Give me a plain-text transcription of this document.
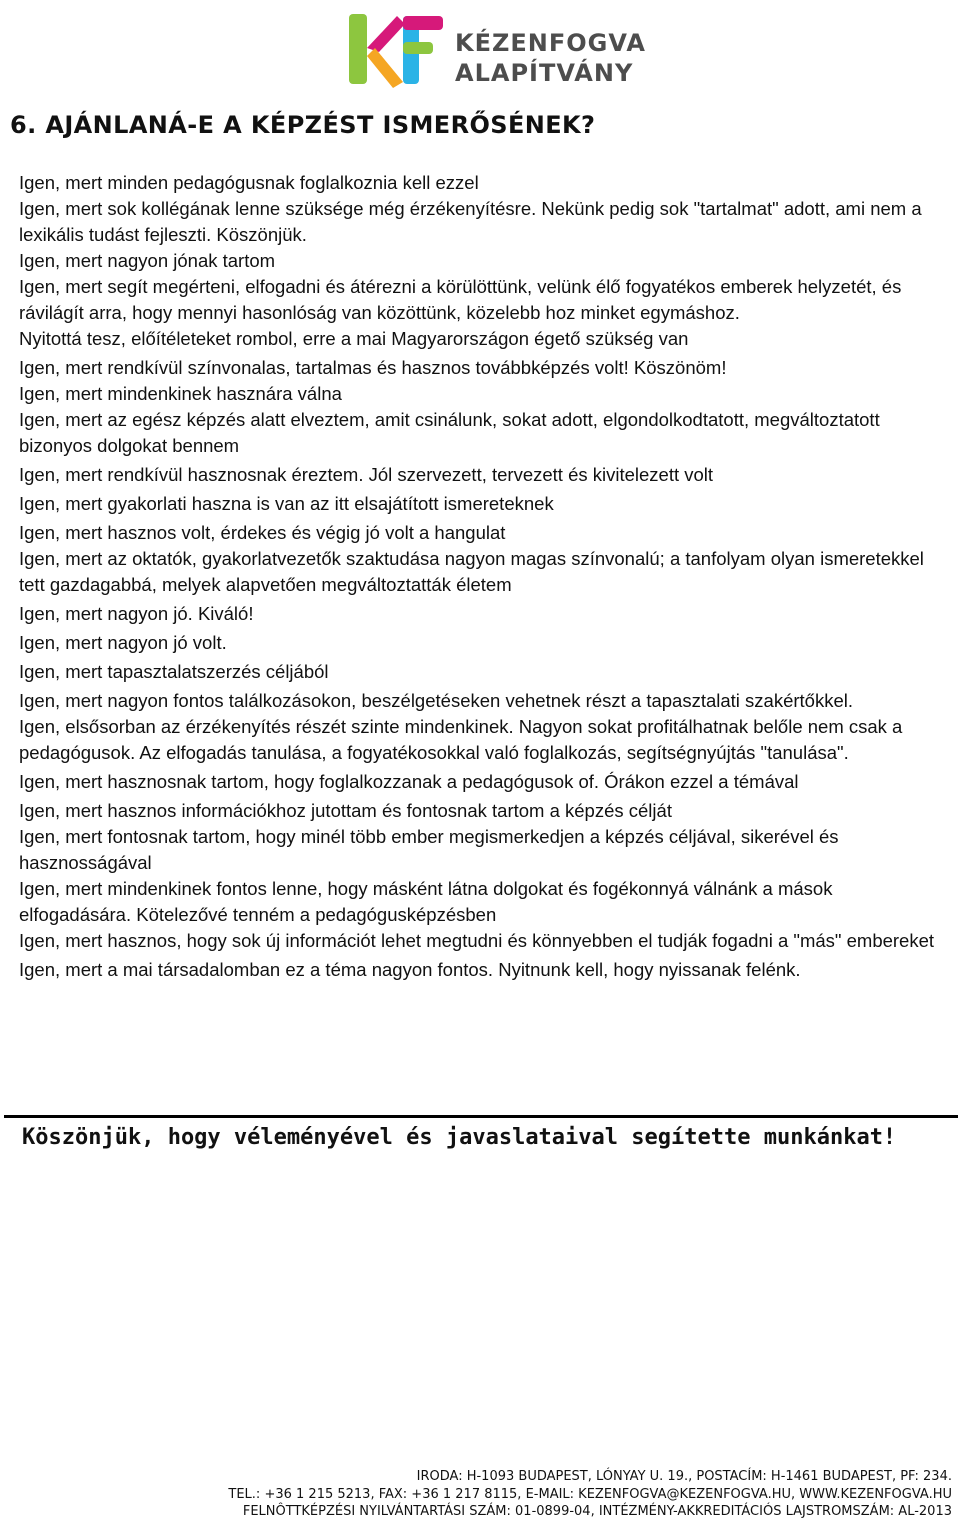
KÉZENFOGVA
ALAPÍTVÁNY
6. AJÁNLANÁ-E A KÉPZÉST ISMERŐSÉNEK?
Igen, mert minden pedagógusnak foglalkoznia kell ezzel
Igen, mert sok kollégának lenne szüksége még érzékenyítésre. Nekünk pedig sok "tartalmat" adott, ami nem a lexikális tudást fejleszti. Köszönjük.
Igen, mert nagyon jónak tartom
Igen, mert segít megérteni, elfogadni és átérezni a körülöttünk, velünk élő fogyatékos emberek helyzetét, és rávilágít arra, hogy mennyi hasonlóság van közöttünk, közelebb hoz minket egymáshoz.
Nyitottá tesz, előítéleteket rombol, erre a mai Magyarországon égető szükség van
Igen, mert rendkívül színvonalas, tartalmas és hasznos továbbképzés volt! Köszönöm!
Igen, mert mindenkinek hasznára válna
Igen, mert az egész képzés alatt elveztem, amit csinálunk, sokat adott, elgondolkodtatott, megváltoztatott bizonyos dolgokat bennem
Igen, mert rendkívül hasznosnak éreztem. Jól szervezett, tervezett és kivitelezett volt
Igen, mert gyakorlati haszna is van az itt elsajátított ismereteknek
Igen, mert hasznos volt, érdekes és végig jó volt a hangulat
Igen, mert az oktatók, gyakorlatvezetők szaktudása nagyon magas színvonalú; a tanfolyam olyan ismeretekkel tett gazdagabbá, melyek alapvetően megváltoztatták életem
Igen, mert nagyon jó. Kiváló!
Igen, mert nagyon jó volt.
Igen, mert tapasztalatszerzés céljából
Igen, mert nagyon fontos találkozásokon, beszélgetéseken vehetnek részt a tapasztalati szakértőkkel.
Igen, elsősorban az érzékenyítés részét szinte mindenkinek. Nagyon sokat profitálhatnak belőle nem csak a pedagógusok. Az elfogadás tanulása, a fogyatékosokkal való foglalkozás, segítségnyújtás "tanulása".
Igen, mert hasznosnak tartom, hogy foglalkozzanak a pedagógusok of. Órákon ezzel a témával
Igen, mert hasznos információkhoz jutottam és fontosnak tartom a képzés célját
Igen, mert fontosnak tartom, hogy minél több ember megismerkedjen a képzés céljával, sikerével és hasznosságával
Igen, mert mindenkinek fontos lenne, hogy másként látna dolgokat és fogékonnyá válnánk a mások elfogadására. Kötelezővé tenném a pedagógusképzésben
Igen, mert hasznos, hogy sok új információt lehet megtudni és könnyebben el tudják fogadni a "más" embereket
Igen, mert a mai társadalomban ez a téma nagyon fontos. Nyitnunk kell, hogy nyissanak felénk.

Köszönjük, hogy véleményével és javaslataival segítette munkánkat!

IRODA: H-1093 BUDAPEST, LÓNYAY U. 19., POSTACÍM: H-1461 BUDAPEST, PF: 234.
TEL.: +36 1 215 5213, FAX: +36 1 217 8115, E-MAIL: KEZENFOGVA@KEZENFOGVA.HU, WWW.KEZENFOGVA.HU
FELNÔTTKÉPZÉSI NYILVÁNTARTÁSI SZÁM: 01-0899-04, INTÉZMÉNY-AKKREDITÁCIÓS LAJSTROMSZÁM: AL-2013
